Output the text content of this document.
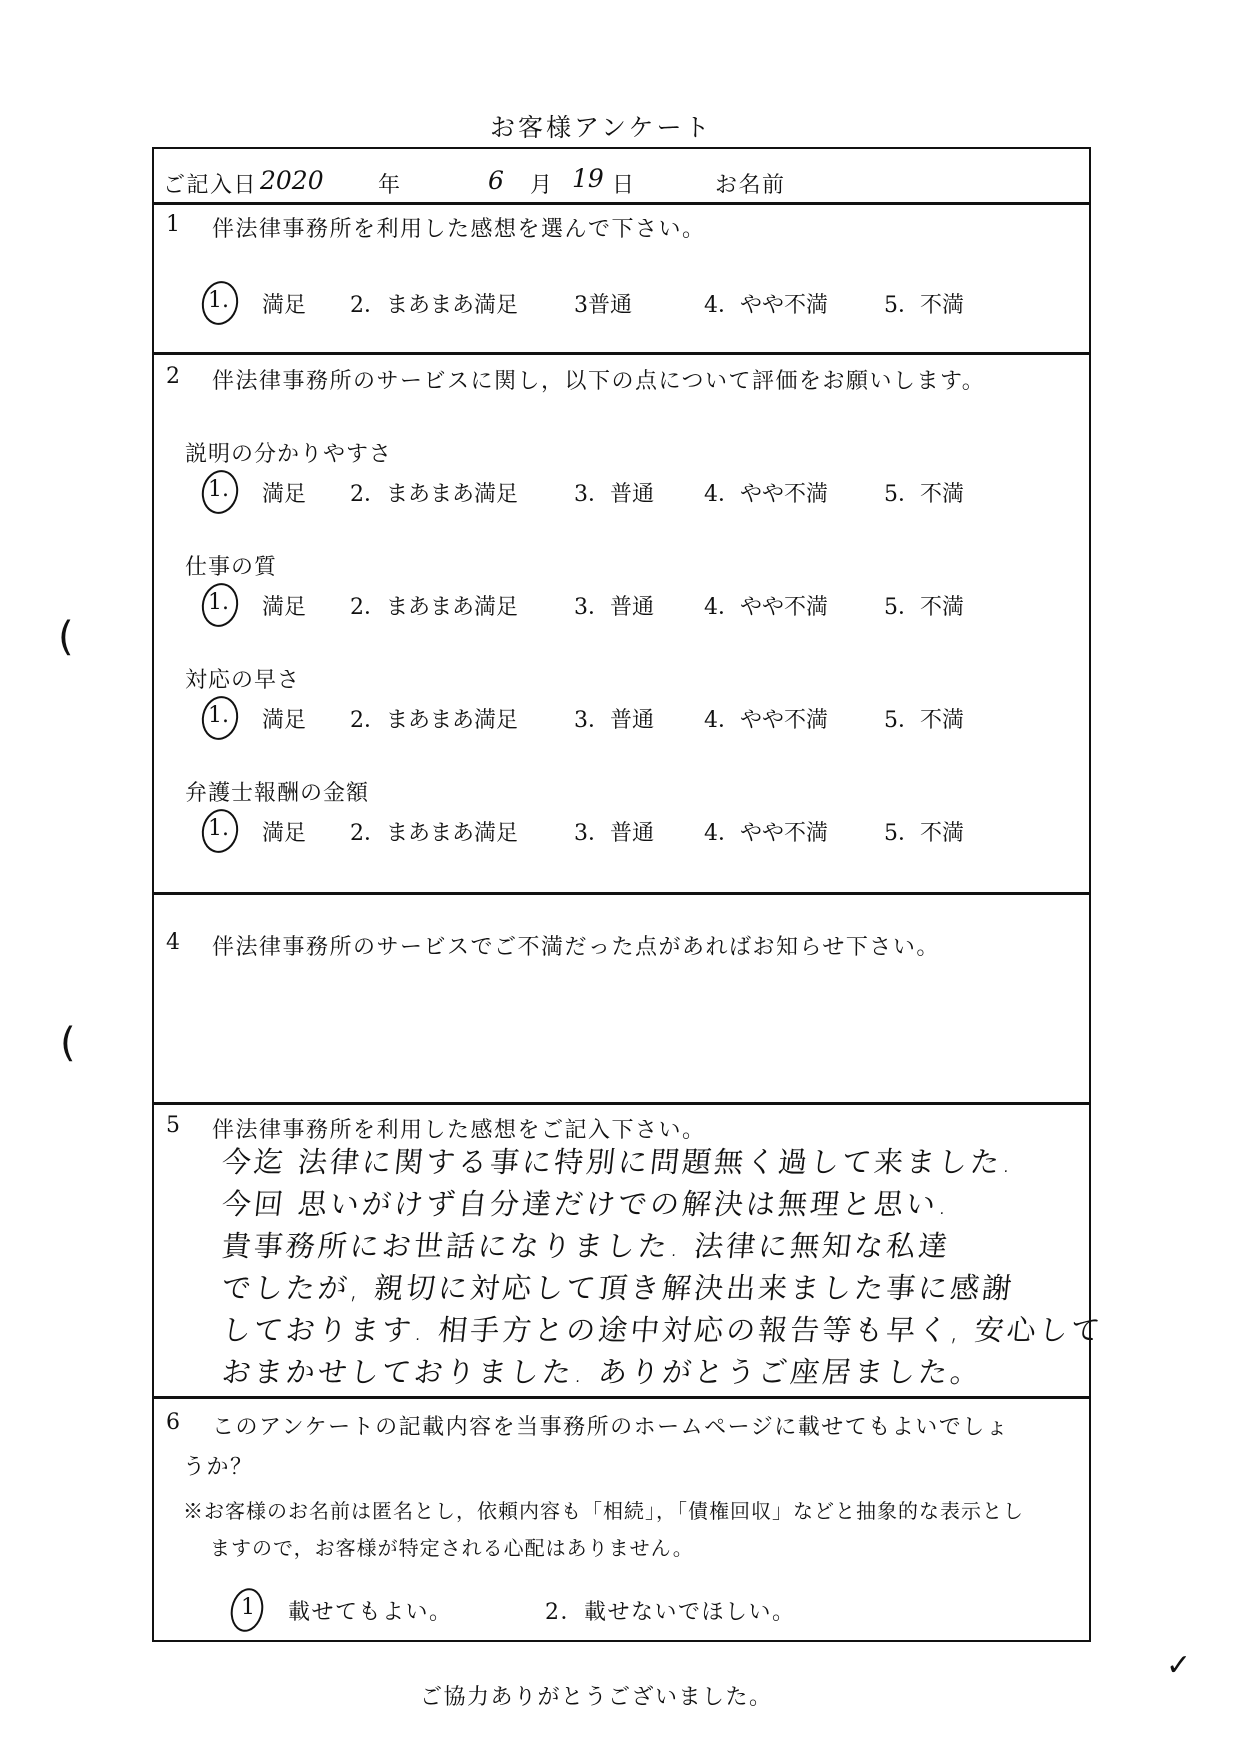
お客様アンケート
ご記入日 2020 年	6 月 19 日	お名前
1 伴法律事務所を利用した感想を選んで下さい。
1.	満足	2．まあまあ満足	3普通	4．やや不満	5．不満
2 伴法律事務所のサービスに関し，以下の点について評価をお願いします。
説明の分かりやすさ
1.	満足	2．まあまあ満足	3．普通	4．やや不満	5．不満
仕事の質
1.	満足	2．まあまあ満足	3．普通	4．やや不満	5．不満
対応の早さ
1.	満足	2．まあまあ満足	3．普通	4．やや不満	5．不満
弁護士報酬の金額
1.	満足	2．まあまあ満足	3．普通	4．やや不満	5．不満
4 伴法律事務所のサービスでご不満だった点があればお知らせ下さい。
5 伴法律事務所を利用した感想をご記入下さい。
今迄 法律に関する事に特別に問題無く過して来ました.
今回 思いがけず自分達だけでの解決は無理と思い.
貴事務所にお世話になりました. 法律に無知な私達
でしたが, 親切に対応して頂き解決出来ました事に感謝
しております. 相手方との途中対応の報告等も早く, 安心して
おまかせしておりました. ありがとうご座居ました。
6 このアンケートの記載内容を当事務所のホームページに載せてもよいでしょ
うか？
※お客様のお名前は匿名とし，依頼内容も「相続」，「債権回収」などと抽象的な表示とし
ますので，お客様が特定される心配はありません。
1 載せてもよい。	2．載せないでほしい。
ご協力ありがとうございました。
(
(
✓
